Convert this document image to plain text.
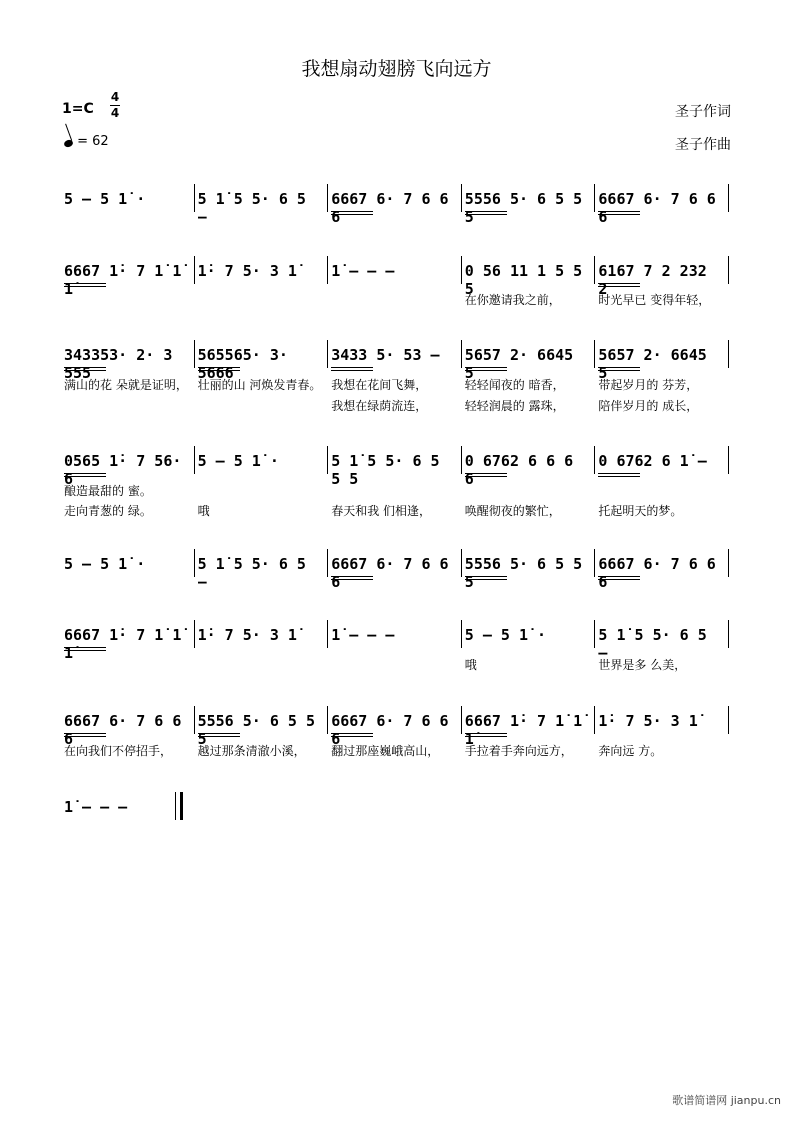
我想扇动翅膀飞向远方
1=C
4
4
= 62
圣子作词
圣子作曲
5 – 5 1̇ ·	5 1̇ 5 5· 6 5 –
6667 6· 7 6 6 6
5556 5· 6 5 5 5
6667 6· 7 6 6 6
6667 1̇· 7 1̇ 1̇ 1̇
1̇· 7 5· 3 1̇	1̇ – – –	0 56 11 1 5 5 5
6167 7 2 232 2
在你邀请我之前，	时光早已 变得年轻，
343353· 2· 3 555
565565· 3· 5666
3433 5· 53 –	5657 2· 6645 5
5657 2· 6645 5
满山的花 朵就是证明， 壮丽的山 河焕发青春。 我想在花间飞舞，	轻轻闻夜的 暗香，	带起岁月的 芬芳，
我想在绿荫流连，	轻轻润晨的 露珠，	陪伴岁月的 成长，
0565 1̇· 7 56· 6
5 – 5 1̇ ·	5 1̇ 5 5· 6 5 5 5
0 6762 6 6 6 6
0 6762 6 1̇ –
酿造最甜的 蜜。
走向青葱的 绿。	哦	春天和我 们相逢，	唤醒彻夜的繁忙，	托起明天的梦。
5 – 5 1̇ ·	5 1̇ 5 5· 6 5 –
6667 6· 7 6 6 6
5556 5· 6 5 5 5
6667 6· 7 6 6 6
6667 1̇· 7 1̇ 1̇ 1̇
1̇· 7 5· 3 1̇	1̇ – – –	5 – 5 1̇ ·	5 1̇ 5 5· 6 5 –
哦	世界是多 么美，
6667 6· 7 6 6 6
5556 5· 6 5 5 5
6667 6· 7 6 6 6
6667 1̇· 7 1̇ 1̇ 1̇
1̇· 7 5· 3 1̇
在向我们不停招手， 越过那条清澈小溪， 翻过那座巍峨高山， 手拉着手奔向远方， 奔向远 方。
1̇ – – –
歌谱简谱网 jianpu.cn
